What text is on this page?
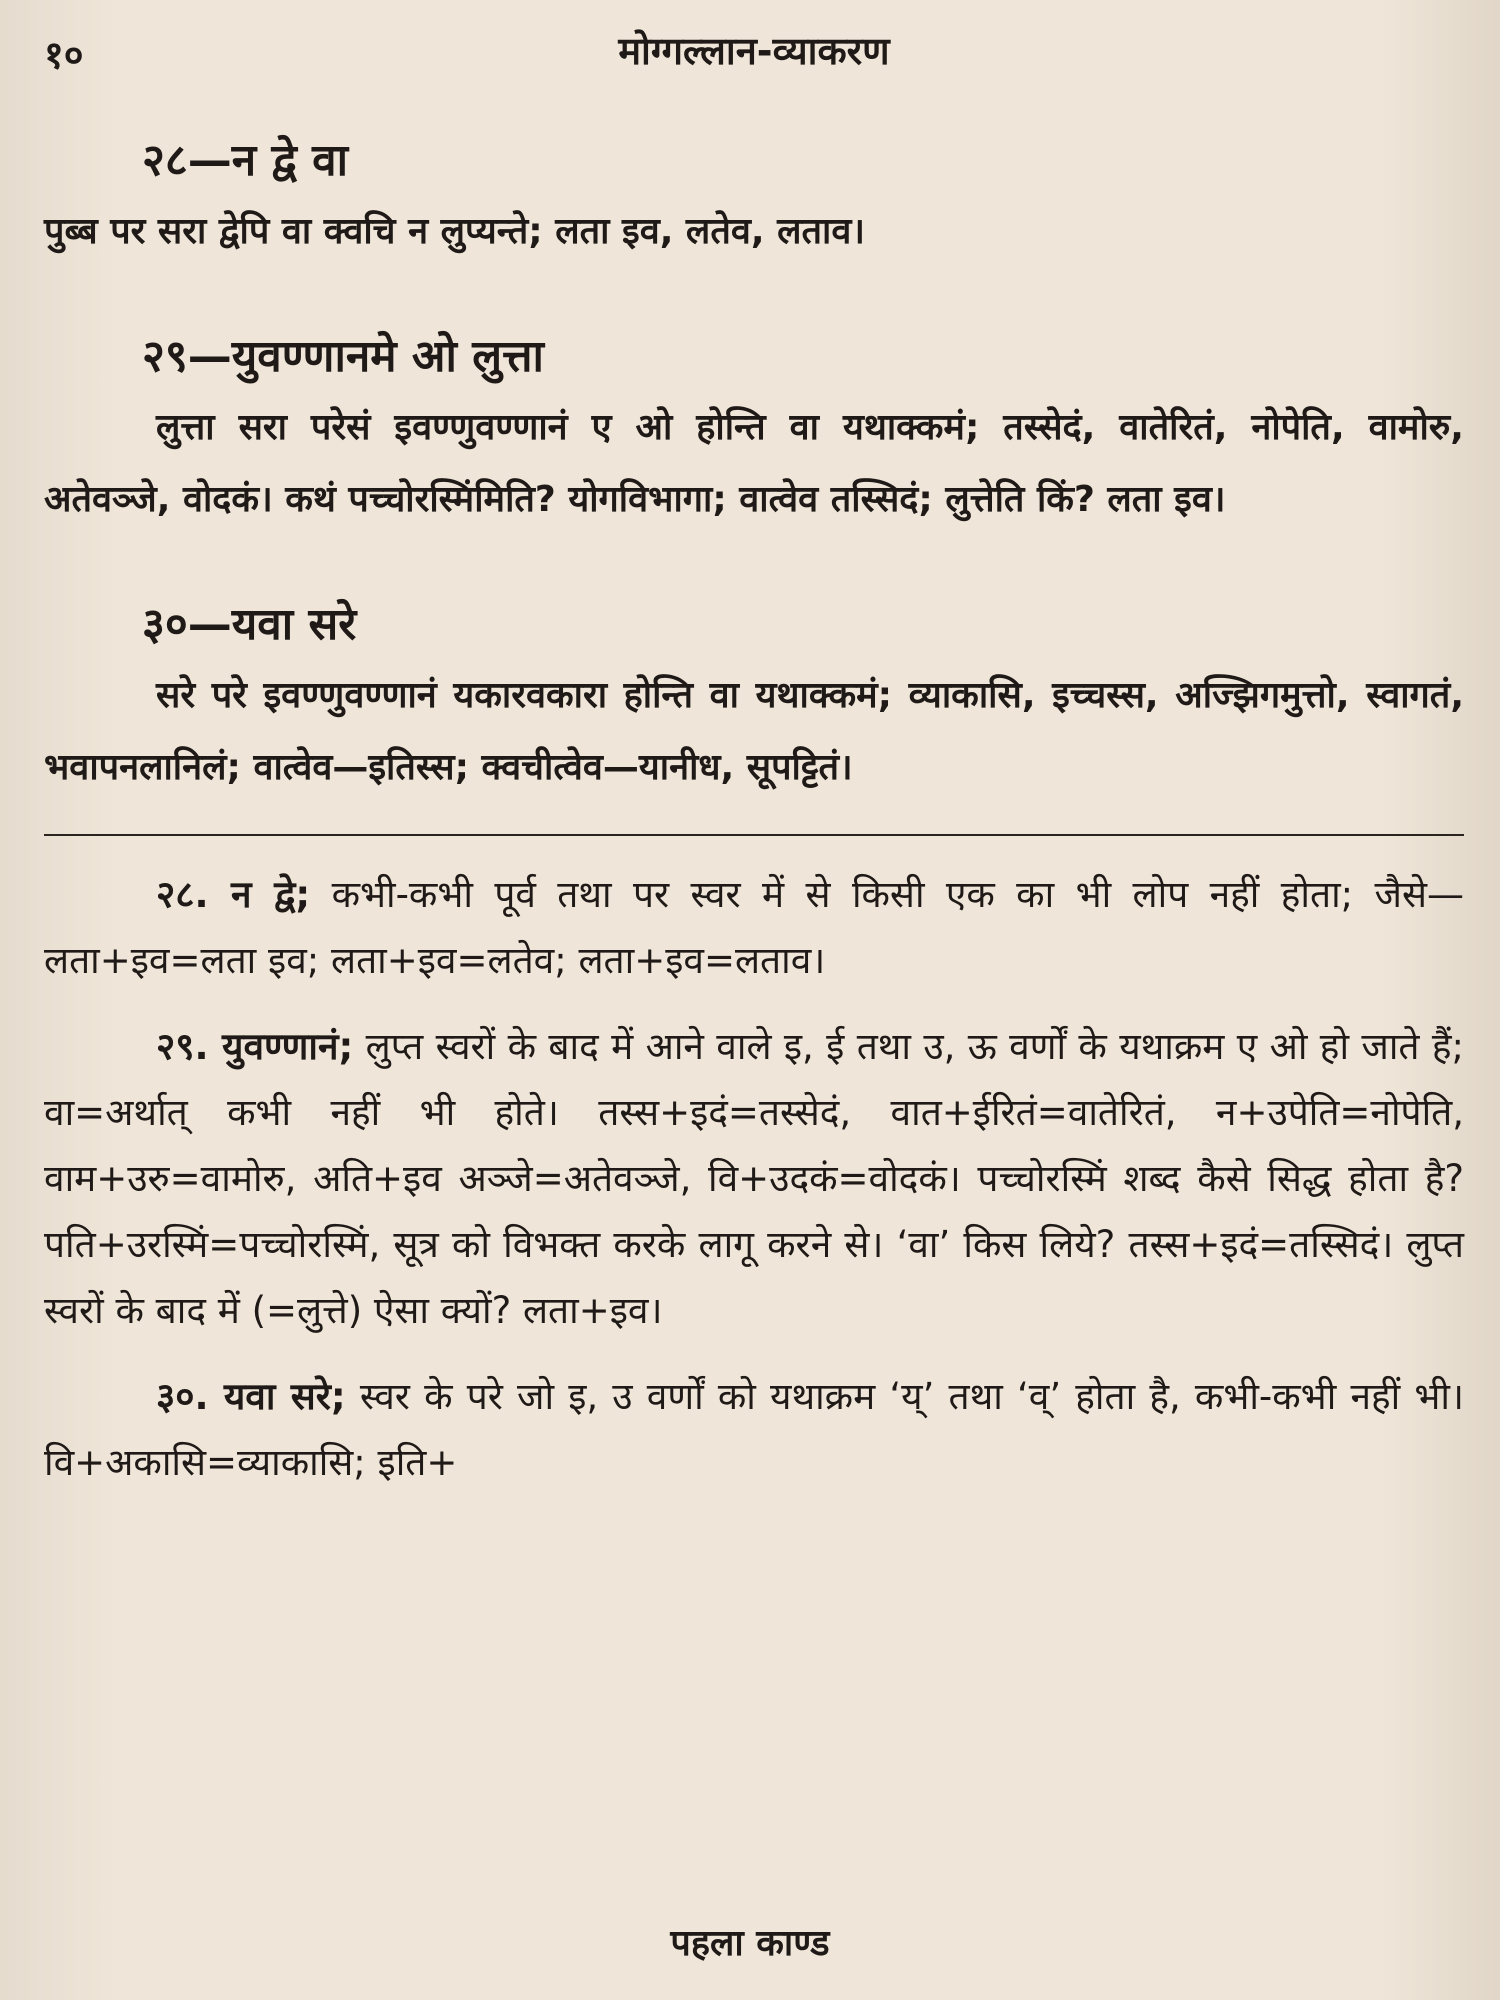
१०	मोग्गल्लान-व्याकरण
२८—न द्वे वा

पुब्ब पर सरा द्वेपि वा क्वचि न लुप्यन्ते; लता इव, लतेव, लताव।

२९—युवण्णानमे ओ लुत्ता

लुत्ता सरा परेसं इवण्णुवण्णानं ए ओ होन्ति वा यथाक्कमं; तस्सेदं, वातेरितं, नोपेति, वामोरु, अतेवञ्जे, वोदकं। कथं पच्चोरस्मिंमिति? योगविभागा; वात्वेव तस्सिदं; लुत्तेति किं? लता इव।

३०—यवा सरे

सरे परे इवण्णुवण्णानं यकारवकारा होन्ति वा यथाक्कमं; व्याकासि, इच्चस्स, अज्झिगमुत्तो, स्वागतं, भवापनलानिलं; वात्वेव—इतिस्स; क्वचीत्वेव—यानीध, सूपट्टितं।

२८. न द्वे; कभी-कभी पूर्व तथा पर स्वर में से किसी एक का भी लोप नहीं होता; जैसे—लता+इव=लता इव; लता+इव=लतेव; लता+इव=लताव।

२९. युवण्णानं; लुप्त स्वरों के बाद में आने वाले इ, ई तथा उ, ऊ वर्णों के यथाक्रम ए ओ हो जाते हैं; वा=अर्थात् कभी नहीं भी होते। तस्स+इदं=तस्सेदं, वात+ईरितं=वातेरितं, न+उपेति=नोपेति, वाम+उरु=वामोरु, अति+इव अञ्जे=अतेवञ्जे, वि+उदकं=वोदकं। पच्चोरस्मिं शब्द कैसे सिद्ध होता है? पति+उरस्मिं=पच्चोरस्मिं, सूत्र को विभक्त करके लागू करने से। ‘वा’ किस लिये? तस्स+इदं=तस्सिदं। लुप्त स्वरों के बाद में (=लुत्ते) ऐसा क्यों? लता+इव।

३०. यवा सरे; स्वर के परे जो इ, उ वर्णों को यथाक्रम ‘य्’ तथा ‘व्’ होता है, कभी-कभी नहीं भी। वि+अकासि=व्याकासि; इति+

पहला काण्ड
